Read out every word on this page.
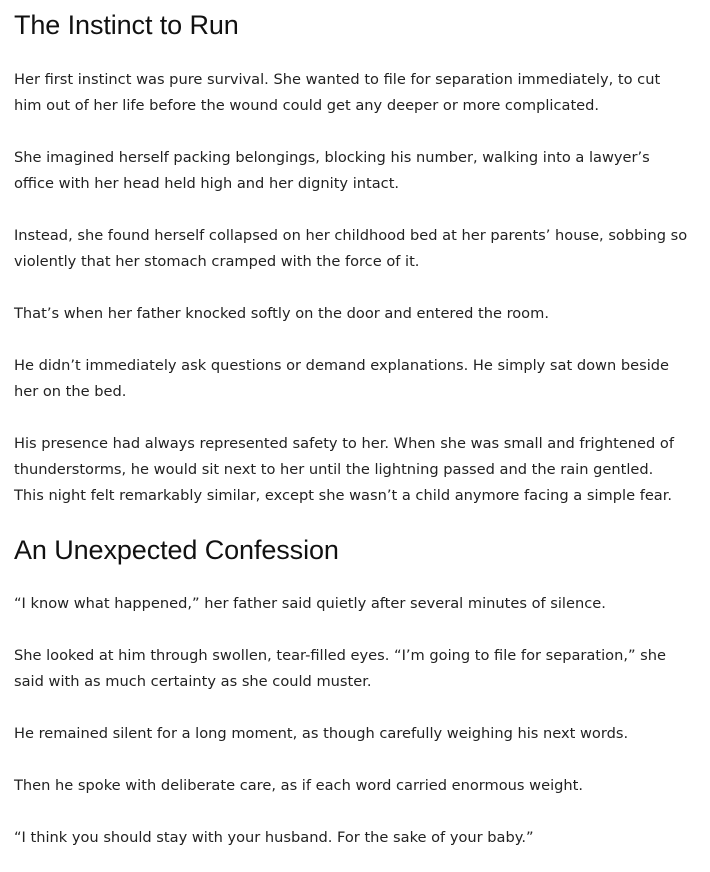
The Instinct to Run

Her first instinct was pure survival. She wanted to file for separation immediately, to cut
him out of her life before the wound could get any deeper or more complicated.

She imagined herself packing belongings, blocking his number, walking into a lawyer’s
office with her head held high and her dignity intact.

Instead, she found herself collapsed on her childhood bed at her parents’ house, sobbing so
violently that her stomach cramped with the force of it.

That’s when her father knocked softly on the door and entered the room.

He didn’t immediately ask questions or demand explanations. He simply sat down beside
her on the bed.

His presence had always represented safety to her. When she was small and frightened of
thunderstorms, he would sit next to her until the lightning passed and the rain gentled.
This night felt remarkably similar, except she wasn’t a child anymore facing a simple fear.

An Unexpected Confession

“I know what happened,” her father said quietly after several minutes of silence.

She looked at him through swollen, tear-filled eyes. “I’m going to file for separation,” she
said with as much certainty as she could muster.

He remained silent for a long moment, as though carefully weighing his next words.

Then he spoke with deliberate care, as if each word carried enormous weight.

“I think you should stay with your husband. For the sake of your baby.”
